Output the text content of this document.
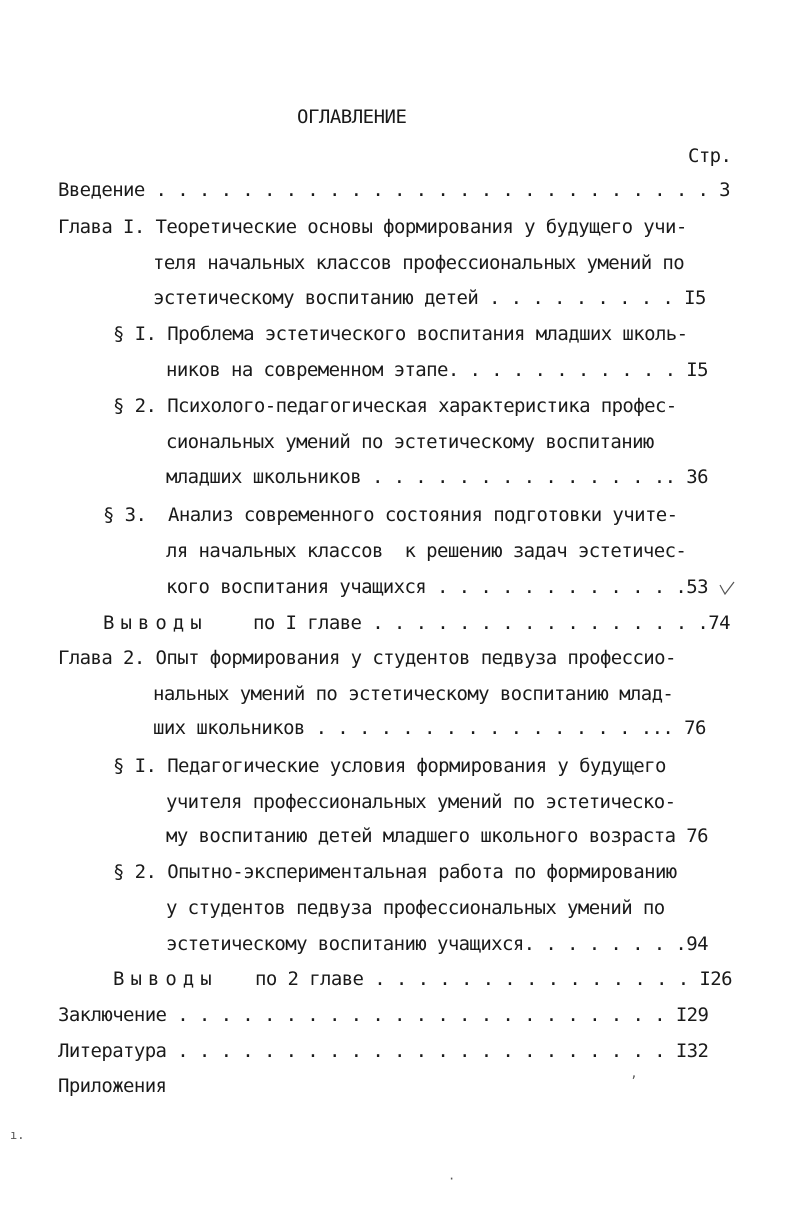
ОГЛАВЛЕНИЕ
Стр.
Введение . . . . . . . . . . . . . . . . . . . . . . . . . . 3
Глава I. Теоретические основы формирования у будущего учи-
теля начальных классов профессиональных умений по
эстетическому воспитанию детей . . . . . . . . . I5
§ I. Проблема эстетического воспитания младших школь-
ников на современном этапе. . . . . . . . . . . I5
§ 2. Психолого-педагогическая характеристика профес-
сиональных умений по эстетическому воспитанию
младших школьников . . . . . . . . . . . . . .. 36
§ 3.  Анализ современного состояния подготовки учите-
ля начальных классов  к решению задач эстетичес-
кого воспитания учащихся . . . . . . . . . . . .53
Выводы по I главе . . . . . . . . . . . . . . . .74
Глава 2. Опыт формирования у студентов педвуза профессио-
нальных умений по эстетическому воспитанию млад-
ших школьников . . . . . . . . . . . . . . . ... 76
§ I. Педагогические условия формирования у будущего
учителя профессиональных умений по эстетическо-
му воспитанию детей младшего школьного возраста 76
§ 2. Опытно-экспериментальная работа по формированию
у студентов педвуза профессиональных умений по
эстетическому воспитанию учащихся. . . . . . . .94
Выводы по 2 главе . . . . . . . . . . . . . . . I26
Заключение . . . . . . . . . . . . . . . . . . . . . . . I29
Литература . . . . . . . . . . . . . . . . . . . . . . . I32
Приложения
ı.
ʼ
·
